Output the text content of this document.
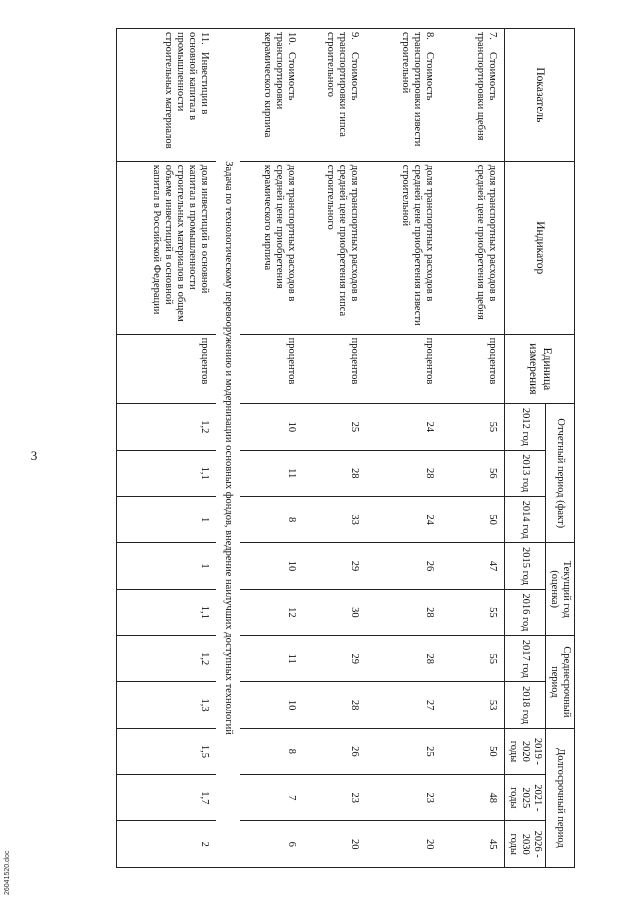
3
26041520.doc
Показатель	Индикатор	Единица измерения	Отчетный период (факт)			Текущий год (оценка)		Среднесрочный период		Долгосрочный период		
			2012 год	2013 год	2014 год	2015 год	2016 год	2017 год	2018 год	2019 - 2020 годы	2021 - 2025 годы	2026 - 2030 годы
7.Стоимость транспортировки щебня	доля транспортных расходов в средней цене приобретения щебня	процентов	55	56	50	47	55	55	53	50	48	45
8.Стоимость транспортировки извести строительной	доля транспортных расходов в средней цене приобретения извести строительной	процентов	24	28	24	26	28	28	27	25	23	20
9.Стоимость транспортировки гипса строительного	доля транспортных расходов в средней цене приобретения гипса строительного	процентов	25	28	33	29	30	29	28	26	23	20
10.Стоимость транспортировки керамического кирпича	доля транспортных расходов в средней цене приобретения керамического кирпича	процентов	10	11	8	10	12	11	10	8	7	6
Задача по технологическому перевооружению и модернизации основных фондов, внедрение наилучших доступных технологий												
11.Инвестиции в основной капитал в промышленности строительных материалов	доля инвестиций в основной капитал в промышленности строительных материалов в общем объеме инвестиций в основной капитал в Российской Федерации	процентов	1,2	1,1	1	1	1,1	1,2	1,3	1,5	1,7	2
